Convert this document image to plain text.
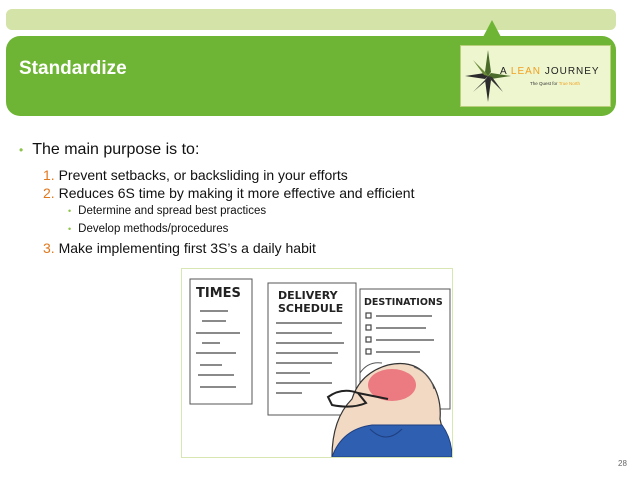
Standardize	A LEAN JOURNEY
The Quest for True North
• The main purpose is to:
1. Prevent setbacks, or backsliding in your efforts
2. Reduces 6S time by making it more effective and efficient
• Determine and spread best practices
• Develop methods/procedures
3. Make implementing first 3S’s a daily habit
TIMES	DELIVERY
SCHEDULE DESTINATIONS
28
